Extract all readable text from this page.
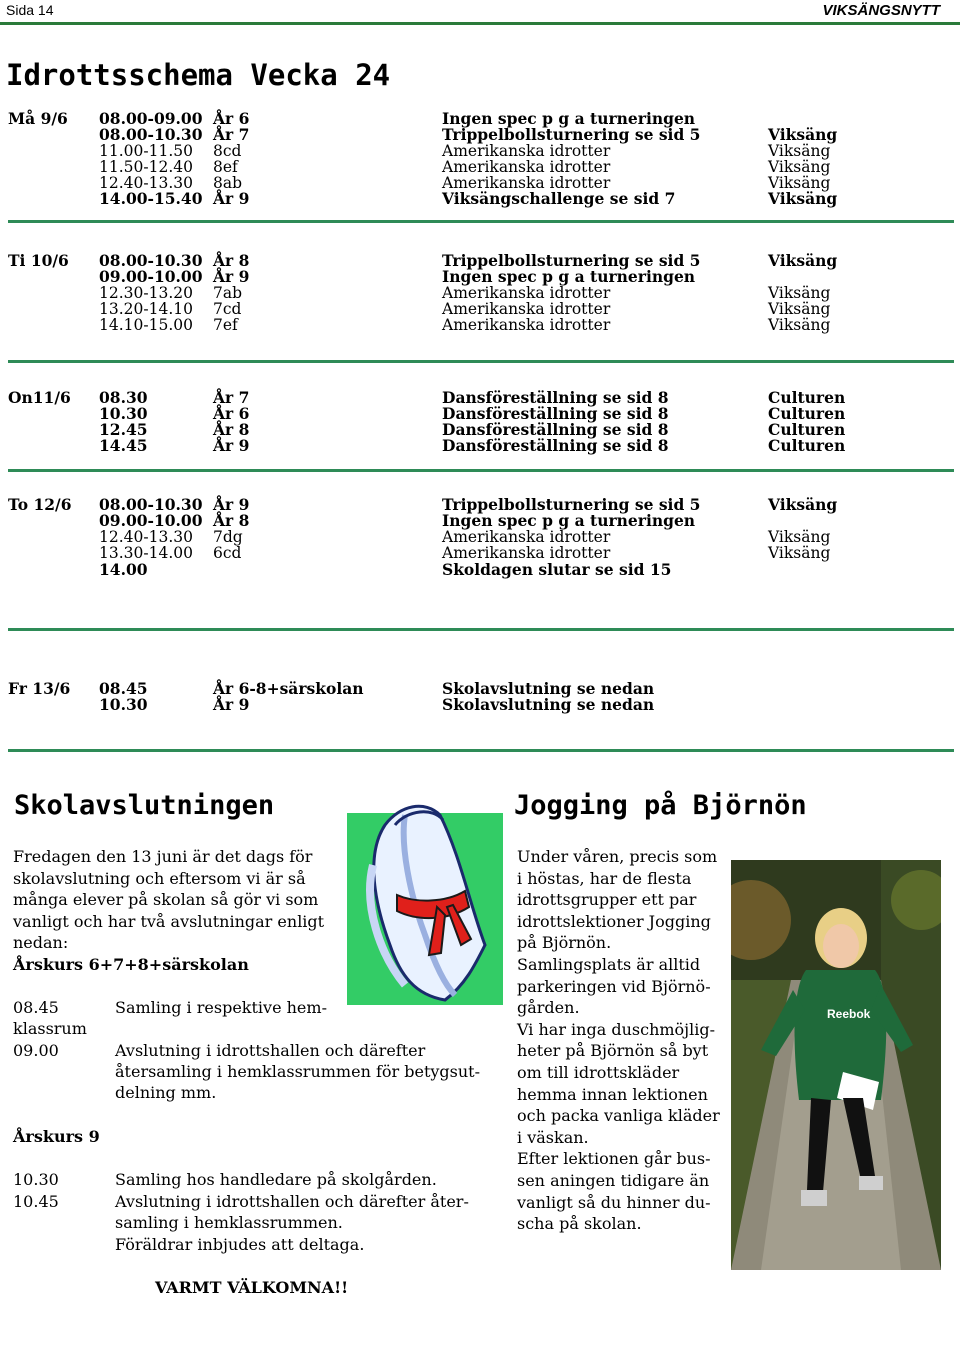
Sida 14	VIKSÄNGSNYTT
Idrottsschema Vecka 24
Må 9/6 08.00-09.00 År 6	Ingen spec p g a turneringen
08.00-10.30 År 7	Trippelbollsturnering se sid 5	Viksäng
11.00-11.50 8cd	Amerikanska idrotter	Viksäng
11.50-12.40 8ef	Amerikanska idrotter	Viksäng
12.40-13.30 8ab	Amerikanska idrotter	Viksäng
14.00-15.40 År 9	Viksängschallenge se sid 7	Viksäng
Ti 10/6 08.00-10.30 År 8	Trippelbollsturnering se sid 5	Viksäng
09.00-10.00 År 9	Ingen spec p g a turneringen
12.30-13.20 7ab	Amerikanska idrotter	Viksäng
13.20-14.10 7cd	Amerikanska idrotter	Viksäng
14.10-15.00 7ef	Amerikanska idrotter	Viksäng
On11/6 08.30	År 7	Dansföreställning se sid 8	Culturen
10.30	År 6	Dansföreställning se sid 8	Culturen
12.45	År 8	Dansföreställning se sid 8	Culturen
14.45	År 9	Dansföreställning se sid 8	Culturen
To 12/6 08.00-10.30 År 9	Trippelbollsturnering se sid 5	Viksäng
09.00-10.00 År 8	Ingen spec p g a turneringen
12.40-13.30 7dg	Amerikanska idrotter	Viksäng
13.30-14.00 6cd	Amerikanska idrotter	Viksäng
14.00	Skoldagen slutar se sid 15
Fr 13/6 08.45	År 6-8+särskolan	Skolavslutning se nedan
10.30	År 9	Skolavslutning se nedan
Skolavslutningen
Fredagen den 13 juni är det dags för
skolavslutning och eftersom vi är så
många elever på skolan så gör vi som
vanligt och har två avslutningar enligt
nedan:
Årskurs 6+7+8+särskolan
08.45	Samling i respektive hem-
klassrum
09.00	Avslutning i idrottshallen och därefter
återsamling i hemklassrummen för betygsut-
delning mm.
Årskurs 9
10.30	Samling hos handledare på skolgården.
10.45	Avslutning i idrottshallen och därefter åter-
samling i hemklassrummen.
Föräldrar inbjudes att deltaga.
VARMT VÄLKOMNA!!
Jogging på Björnön
Under våren, precis som
i höstas, har de flesta
idrottsgrupper ett par
idrottslektioner Jogging
på Björnön.
Samlingsplats är alltid
parkeringen vid Björnö-
gården.
Vi har inga duschmöjlig-
heter på Björnön så byt
om till idrottskläder
hemma innan lektionen
och packa vanliga kläder
i väskan.
Efter lektionen går bus-
sen aningen tidigare än
vanligt så du hinner du-
scha på skolan.
Reebok
